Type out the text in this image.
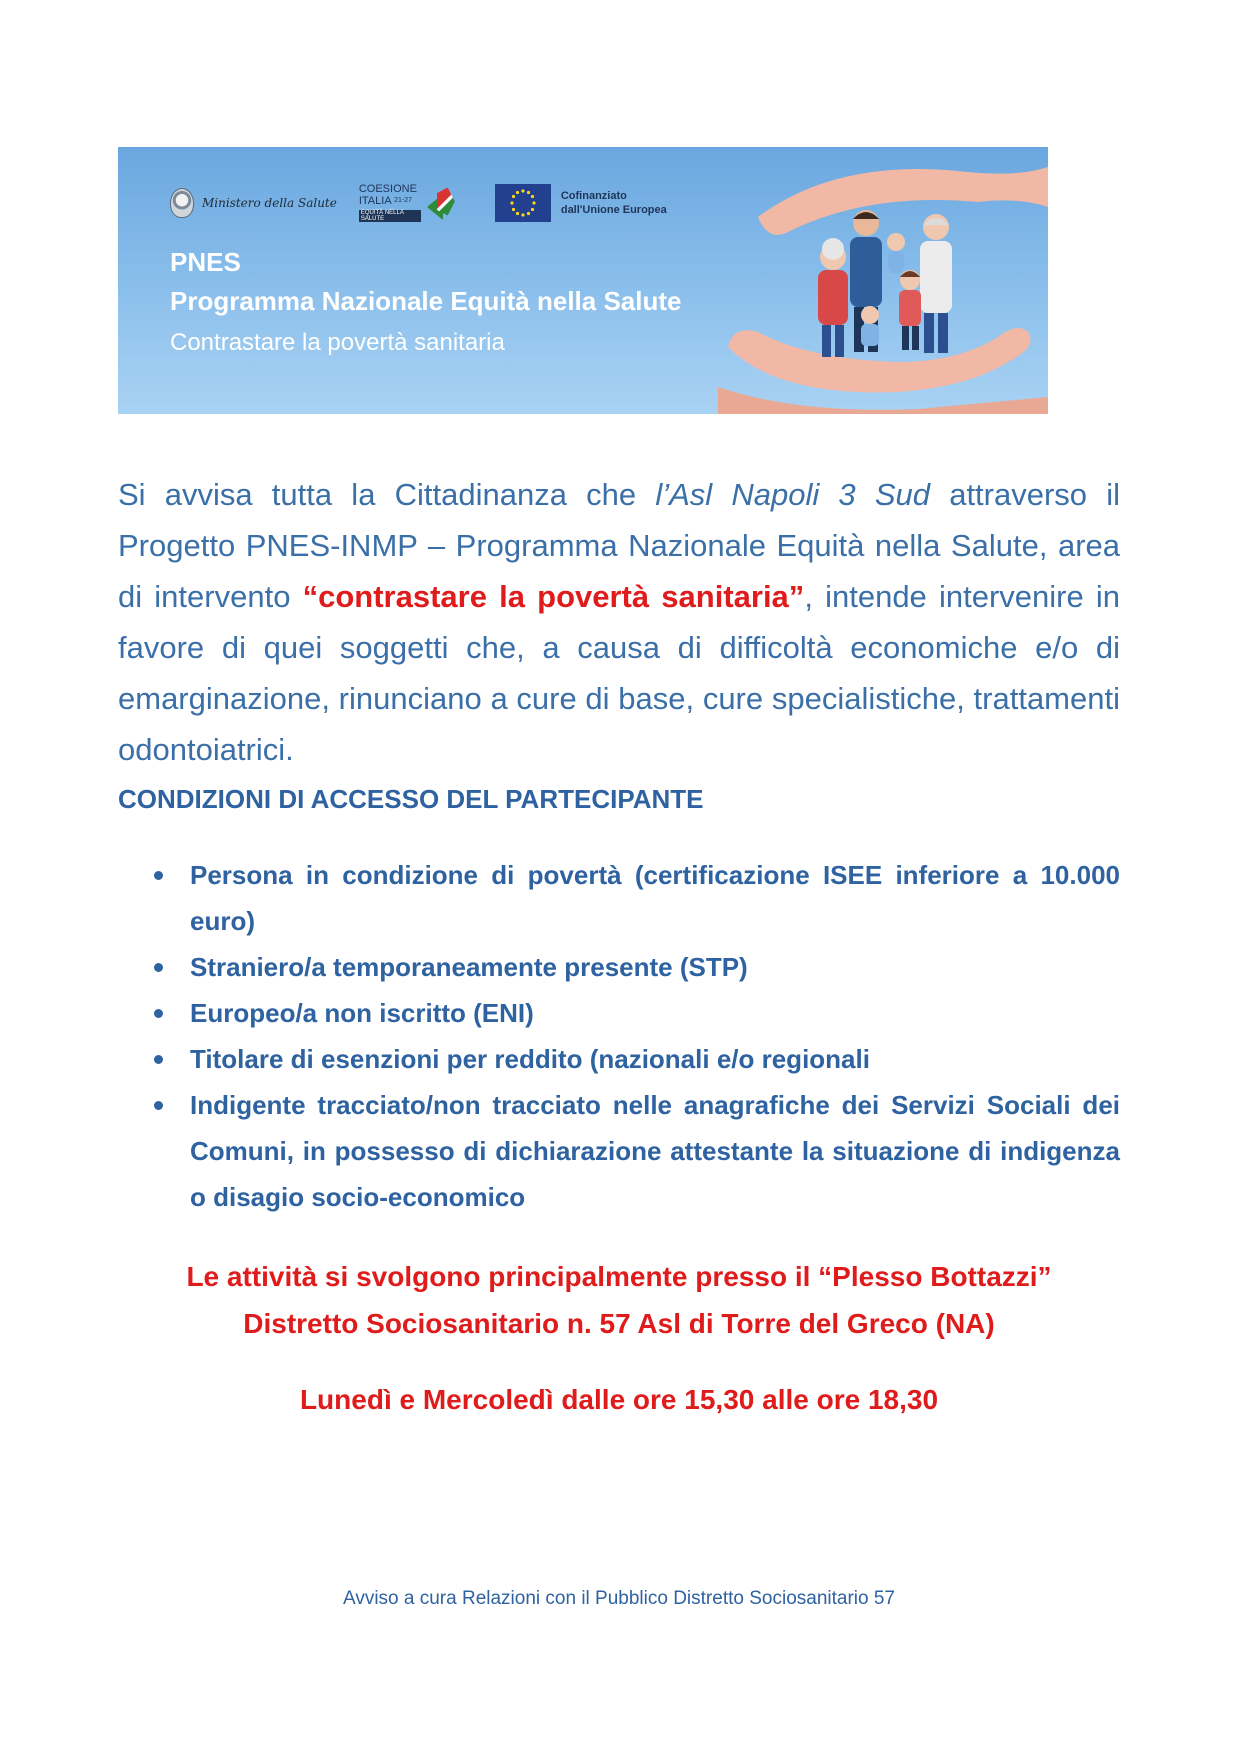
Ministero della Salute
COESIONE
ITALIA $^{21-27}$
EQUITÀ NELLA SALUTE
Cofinanziato
dall'Unione Europea
PNES
Programma Nazionale Equità nella Salute
Contrastare la povertà sanitaria

Si avvisa tutta la Cittadinanza che l’Asl Napoli 3 Sud attraverso il Progetto PNES-INMP – Programma Nazionale Equità nella Salute, area di intervento “contrastare la povertà sanitaria”, intende intervenire in favore di quei soggetti che, a causa di difficoltà economiche e/o di emarginazione, rinunciano a cure di base, cure specialistiche, trattamenti odontoiatrici.

CONDIZIONI DI ACCESSO DEL PARTECIPANTE
Persona in condizione di povertà (certificazione ISEE inferiore a 10.000 euro)
Straniero/a temporaneamente presente (STP)
Europeo/a non iscritto (ENI)
Titolare di esenzioni per reddito (nazionali e/o regionali
Indigente tracciato/non tracciato nelle anagrafiche dei Servizi Sociali dei Comuni, in possesso di dichiarazione attestante la situazione di indigenza o disagio socio-economico
Le attività si svolgono principalmente presso il “Plesso Bottazzi”
Distretto Sociosanitario n. 57 Asl di Torre del Greco (NA)
Lunedì e Mercoledì dalle ore 15,30 alle ore 18,30
Avviso a cura Relazioni con il Pubblico Distretto Sociosanitario 57
